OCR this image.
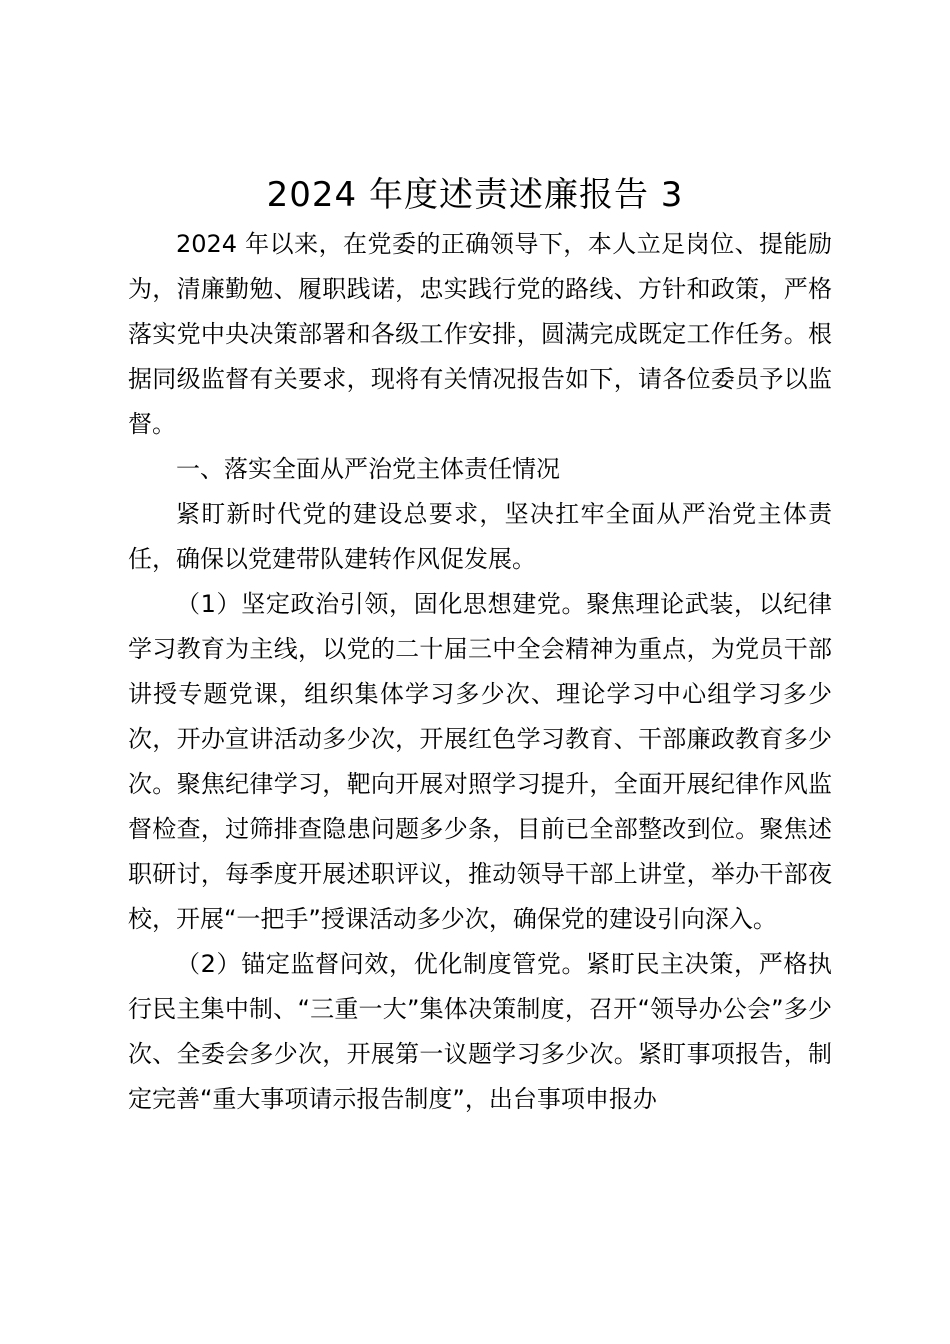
2024 年度述责述廉报告 3

2024 年以来，在党委的正确领导下，本人立足岗位、提能励为，清廉勤勉、履职践诺，忠实践行党的路线、方针和政策，严格落实党中央决策部署和各级工作安排，圆满完成既定工作任务。根据同级监督有关要求，现将有关情况报告如下，请各位委员予以监督。

一、落实全面从严治党主体责任情况

紧盯新时代党的建设总要求，坚决扛牢全面从严治党主体责任，确保以党建带队建转作风促发展。

（1）坚定政治引领，固化思想建党。聚焦理论武装，以纪律学习教育为主线，以党的二十届三中全会精神为重点，为党员干部讲授专题党课，组织集体学习多少次、理论学习中心组学习多少次，开办宣讲活动多少次，开展红色学习教育、干部廉政教育多少次。聚焦纪律学习，靶向开展对照学习提升，全面开展纪律作风监督检查，过筛排查隐患问题多少条，目前已全部整改到位。聚焦述职研讨，每季度开展述职评议，推动领导干部上讲堂，举办干部夜校，开展“一把手”授课活动多少次，确保党的建设引向深入。

（2）锚定监督问效，优化制度管党。紧盯民主决策，严格执行民主集中制、“三重一大”集体决策制度，召开“领导办公会”多少次、全委会多少次，开展第一议题学习多少次。紧盯事项报告，制定完善“重大事项请示报告制度”，出台事项申报办
